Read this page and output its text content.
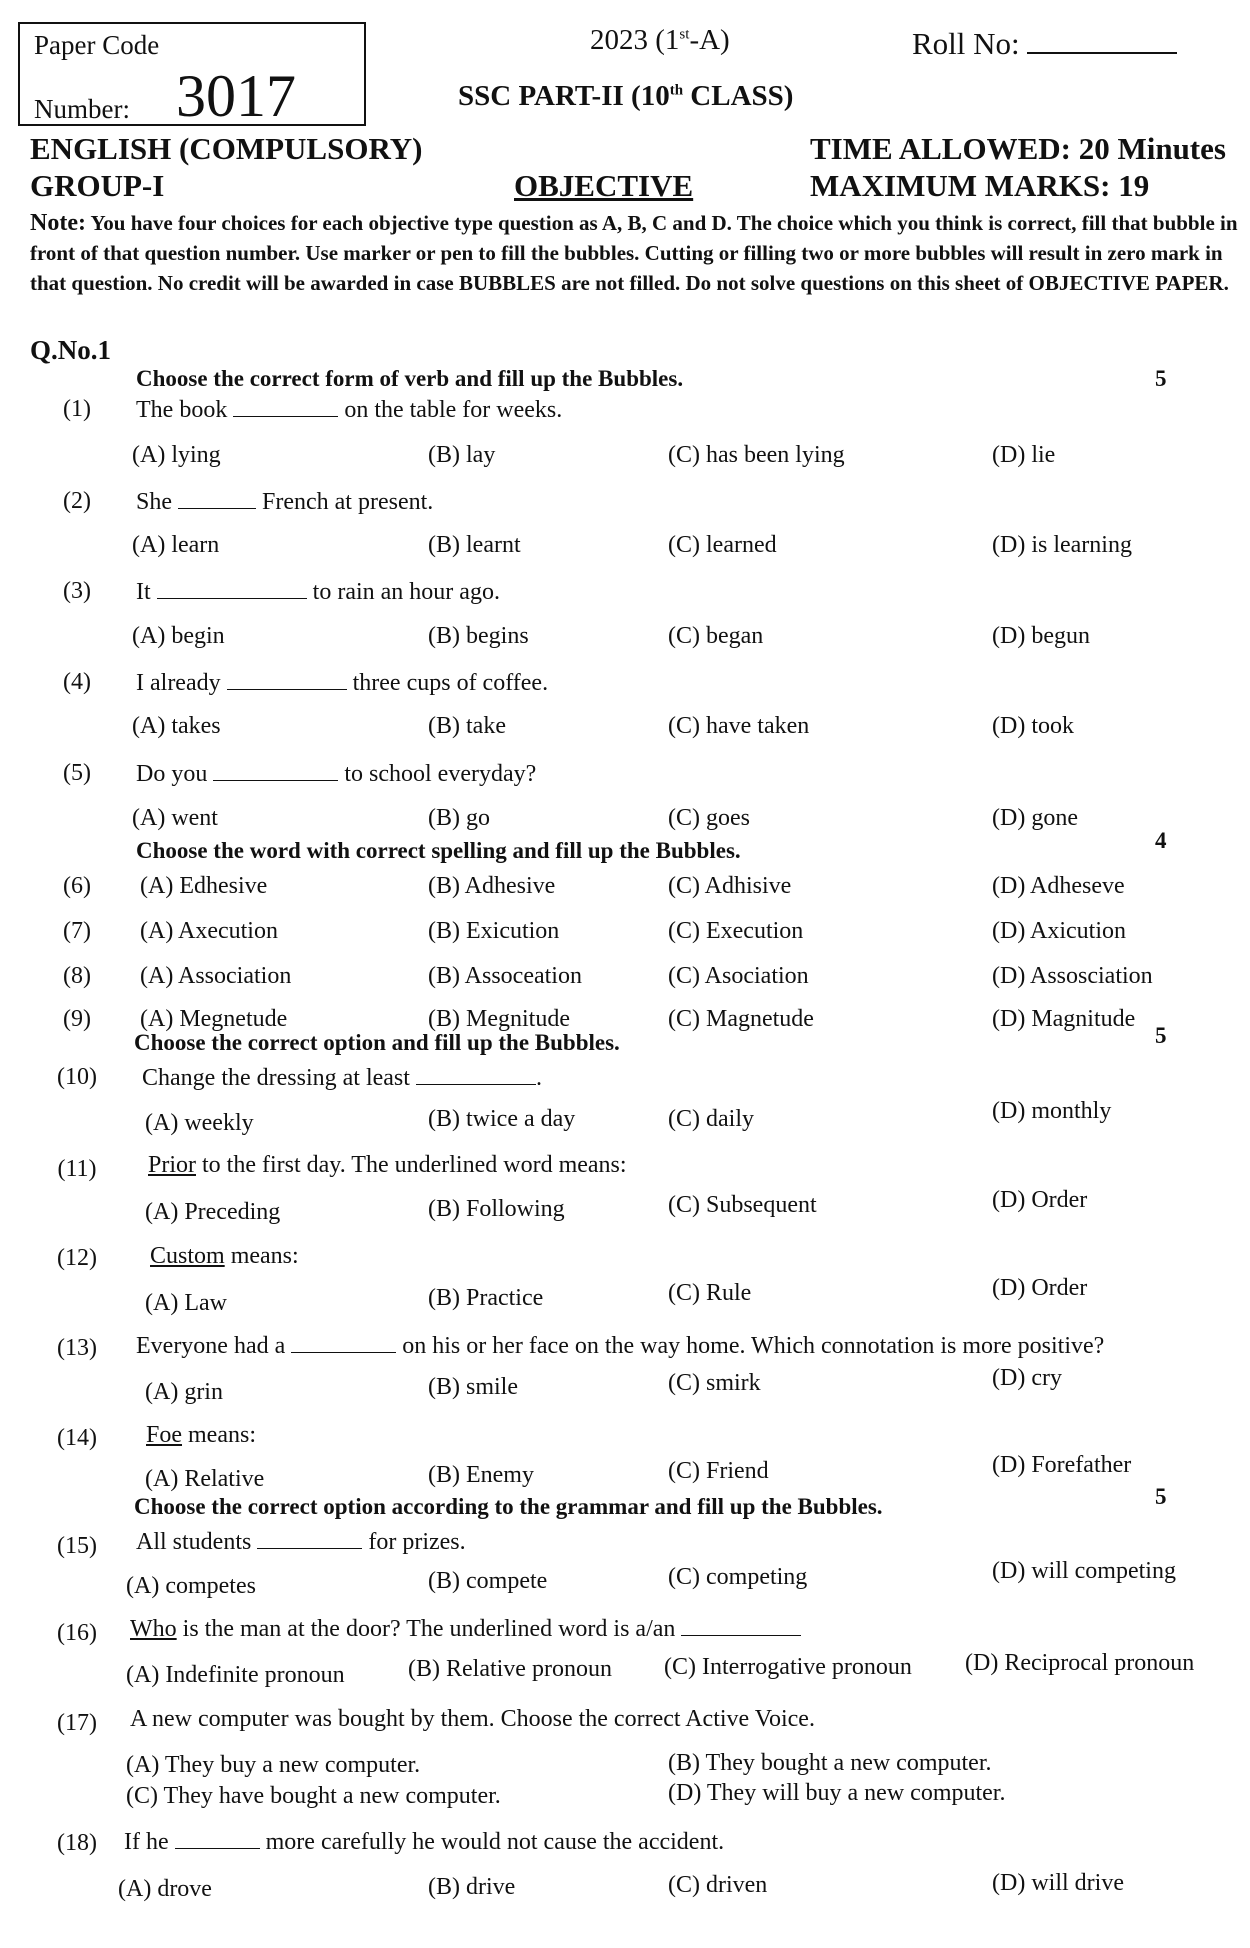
Paper Code
Number: 3017
2023 (1st-A)	Roll No:
SSC PART-II (10th CLASS)
ENGLISH (COMPULSORY)
GROUP-I	OBJECTIVE
TIME ALLOWED: 20 Minutes
MAXIMUM MARKS: 19
Note: You have four choices for each objective type question as A, B, C and D. The choice which you think is correct, fill that bubble in front of that question number. Use marker or pen to fill the bubbles. Cutting or filling two or more bubbles will result in zero mark in that question. No credit will be awarded in case BUBBLES are not filled. Do not solve questions on this sheet of OBJECTIVE PAPER.
Q.No.1
Choose the correct form of verb and fill up the Bubbles.	5
(1)	The book	on the table for weeks.
(A) lying	(B) lay	(C) has been lying	(D) lie
(2)	She	French at present.
(A) learn	(B) learnt	(C) learned	(D) is learning
(3)	It	to rain an hour ago.
(A) begin	(B) begins	(C) began	(D) begun
(4)	I already	three cups of coffee.
(A) takes	(B) take	(C) have taken	(D) took
(5)	Do you	to school everyday?
(A) went	(B) go	(C) goes	(D) gone
Choose the word with correct spelling and fill up the Bubbles.	4
(6)	(A) Edhesive	(B) Adhesive	(C) Adhisive	(D) Adheseve
(7)	(A) Axecution	(B) Exicution	(C) Execution	(D) Axicution
(8)	(A) Association	(B) Assoceation	(C) Asociation	(D) Assosciation
(9)	(A) Megnetude	(B) Megnitude	(C) Magnetude	(D) Magnitude
Choose the correct option and fill up the Bubbles.	5
(10) Change the dressing at least	.
(A) weekly	(B) twice a day	(C) daily	(D) monthly
(11) Prior to the first day. The underlined word means:
(A) Preceding	(B) Following	(C) Subsequent	(D) Order
(12) Custom means:
(A) Law	(B) Practice	(C) Rule	(D) Order
(13) Everyone had a	on his or her face on the way home. Which connotation is more positive?
(A) grin	(B) smile	(C) smirk	(D) cry
(14) Foe means:
(A) Relative	(B) Enemy	(C) Friend	(D) Forefather
Choose the correct option according to the grammar and fill up the Bubbles.	5
(15) All students	for prizes.
(A) competes	(B) compete	(C) competing	(D) will competing
(16) Who is the man at the door? The underlined word is a/an
(A) Indefinite pronoun	(B) Relative pronoun (C) Interrogative pronoun (D) Reciprocal pronoun
(17) A new computer was bought by them. Choose the correct Active Voice.
(A) They buy a new computer.	(B) They bought a new computer.
(C) They have bought a new computer.	(D) They will buy a new computer.
(18) If he	more carefully he would not cause the accident.
(A) drove	(B) drive	(C) driven	(D) will drive
